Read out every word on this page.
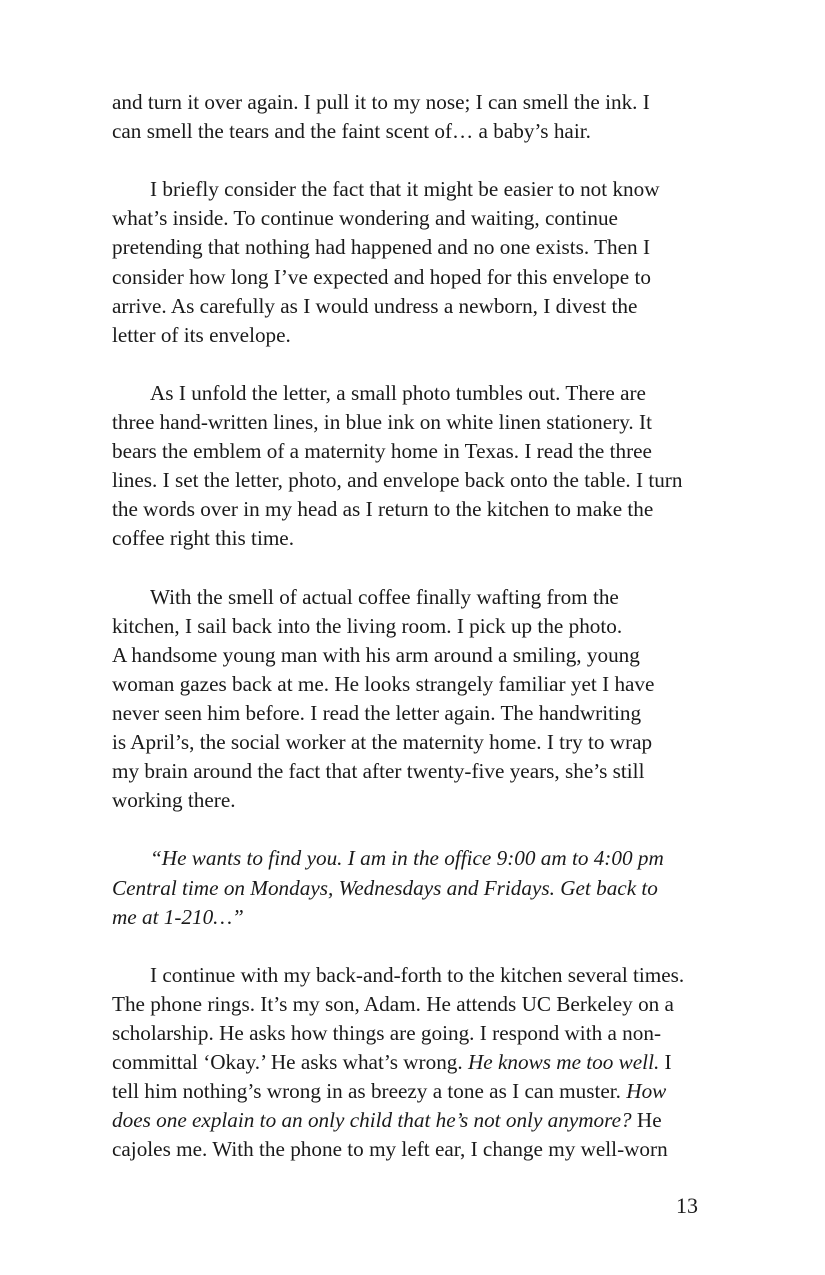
and turn it over again. I pull it to my nose; I can smell the ink. I
can smell the tears and the faint scent of… a baby’s hair.

I briefly consider the fact that it might be easier to not know
what’s inside. To continue wondering and waiting, continue
pretending that nothing had happened and no one exists. Then I
consider how long I’ve expected and hoped for this envelope to
arrive. As carefully as I would undress a newborn, I divest the
letter of its envelope.

As I unfold the letter, a small photo tumbles out. There are
three hand-written lines, in blue ink on white linen stationery. It
bears the emblem of a maternity home in Texas. I read the three
lines. I set the letter, photo, and envelope back onto the table. I turn
the words over in my head as I return to the kitchen to make the
coffee right this time.

With the smell of actual coffee finally wafting from the
kitchen, I sail back into the living room. I pick up the photo.
A handsome young man with his arm around a smiling, young
woman gazes back at me. He looks strangely familiar yet I have
never seen him before. I read the letter again. The handwriting
is April’s, the social worker at the maternity home. I try to wrap
my brain around the fact that after twenty-five years, she’s still
working there.

“He wants to find you. I am in the office 9:00 am to 4:00 pm
Central time on Mondays, Wednesdays and Fridays. Get back to
me at 1-210…”

I continue with my back-and-forth to the kitchen several times.
The phone rings. It’s my son, Adam. He attends UC Berkeley on a
scholarship. He asks how things are going. I respond with a non-
committal ‘Okay.’ He asks what’s wrong. He knows me too well. I
tell him nothing’s wrong in as breezy a tone as I can muster. How
does one explain to an only child that he’s not only anymore? He
cajoles me. With the phone to my left ear, I change my well-worn

13
